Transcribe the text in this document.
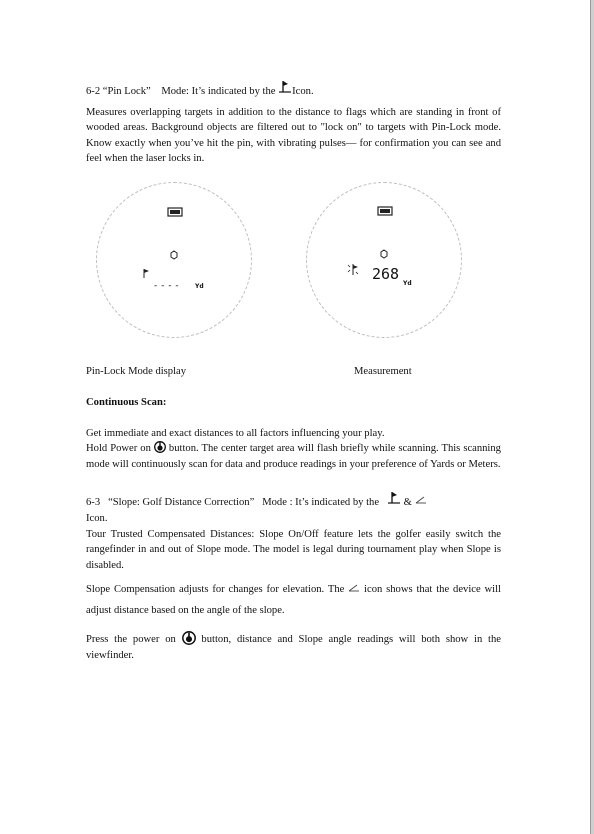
6-2 “Pin Lock”
Mode: It’s indicated by the
Icon.

Measures overlapping targets in addition to the distance to flags which are standing in front of wooded areas. Background objects are filtered out to "lock on" to targets with Pin-Lock mode. Know exactly when you’ve hit the pin, with vibrating pulses— for confirmation you can see and feel when the laser locks in.

- - - -	Yd
268
Yd
Pin-Lock Mode display	Measurement

Continuous Scan:

Get immediate and exact distances to all factors influencing your play.

Hold Power on button. The center target area will flash briefly while scanning. This scanning mode will continuously scan for data and produce readings in your preference of Yards or Meters.

6-3   “Slope: Golf Distance Correction”   Mode : It’s indicated by the

&

Icon.

Tour Trusted Compensated Distances: Slope On/Off feature lets the golfer easily switch the rangefinder in and out of Slope mode. The model is legal during tournament play when Slope is disabled.

Slope Compensation adjusts for changes for elevation. The icon shows that the device will adjust distance based on the angle of the slope.

Press the power on button, distance and Slope angle readings will both show in the viewfinder.
